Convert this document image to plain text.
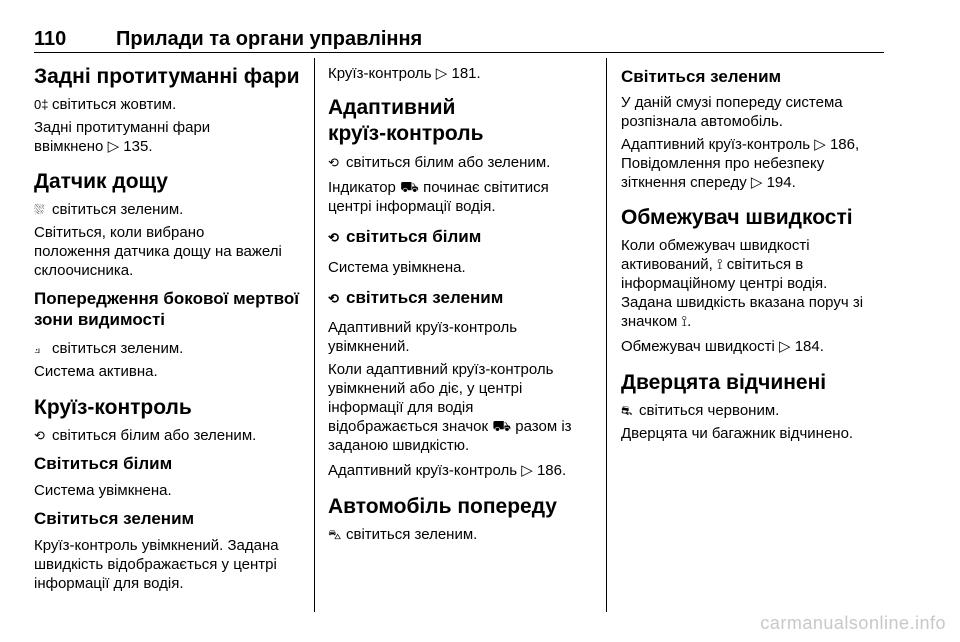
110 Прилади та органи управління
Задні протитуманні фари
0‡ світиться жовтим.
Задні протитуманні фари
ввімкнено ▷ 135.
Датчик дощу
⛆ світиться зеленим.
Світиться, коли вибрано
положення датчика дощу на важелі
склоочисника.
Попередження бокової мертвої зони видимості
⟓ світиться зеленим.
Система активна.
Круїз-контроль
⟲ світиться білим або зеленим.
Світиться білим
Система увімкнена.
Світиться зеленим
Круїз-контроль увімкнений. Задана
швидкість відображається у центрі
інформації для водія.
Круїз-контроль ▷ 181.
Адаптивний
круїз-контроль
⟲ світиться білим або зеленим.
Індикатор ⛟ починає світитися
центрі інформації водія.
⟲ світиться білим
Система увімкнена.
⟲ світиться зеленим
Адаптивний круїз-контроль
увімкнений.
Коли адаптивний круїз-контроль
увімкнений або діє, у центрі
інформації для водія
відображається значок ⛟ разом із
заданою швидкістю.
Адаптивний круїз-контроль ▷ 186.
Автомобіль попереду
⛍ світиться зеленим.
Світиться зеленим
У даній смузі попереду система
розпізнала автомобіль.
Адаптивний круїз-контроль ▷ 186,
Повідомлення про небезпеку
зіткнення спереду ▷ 194.
Обмежувач швидкості
Коли обмежувач швидкості
активований, ⟟ світиться в
інформаційному центрі водія.
Задана швидкість вказана поруч зі
значком ⟟.
Обмежувач швидкості ▷ 184.
Дверцята відчинені
⛐ світиться червоним.
Дверцята чи багажник відчинено.
carmanualsonline.info
